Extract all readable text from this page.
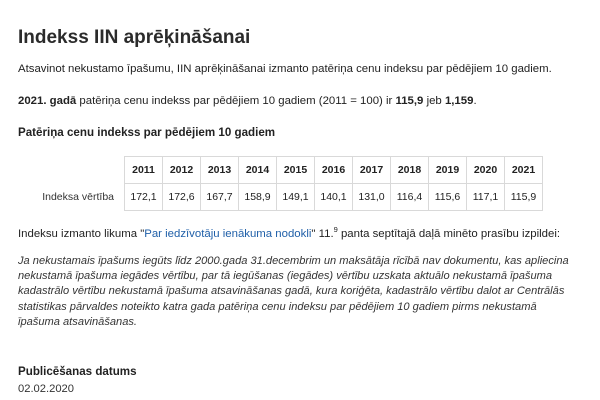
Indekss IIN aprēķināšanai
Atsavinot nekustamo īpašumu, IIN aprēķināšanai izmanto patēriņa cenu indeksu par pēdējiem 10 gadiem.
2021. gadā patēriņa cenu indekss par pēdējiem 10 gadiem (2011 = 100) ir 115,9 jeb 1,159.
Patēriņa cenu indekss par pēdējiem 10 gadiem
	2011	2012	2013	2014	2015	2016	2017	2018	2019	2020	2021
Indeksa vērtība	172,1	172,6	167,7	158,9	149,1	140,1	131,0	116,4	115,6	117,1	115,9
Indeksu izmanto likuma "Par iedzīvotāju ienākuma nodokli" 11.$^9$ panta septītajā daļā minēto prasību izpildei:
Ja nekustamais īpašums iegūts līdz 2000.gada 31.decembrim un maksātāja rīcībā nav dokumentu, kas apliecina nekustamā īpašuma iegādes vērtību, par tā iegūšanas (iegādes) vērtību uzskata aktuālo nekustamā īpašuma kadastrālo vērtību nekustamā īpašuma atsavināšanas gadā, kura koriģēta, kadastrālo vērtību dalot ar Centrālās statistikas pārvaldes noteikto katra gada patēriņa cenu indeksu par pēdējiem 10 gadiem pirms nekustamā īpašuma atsavināšanas.
Publicēšanas datums
02.02.2020
